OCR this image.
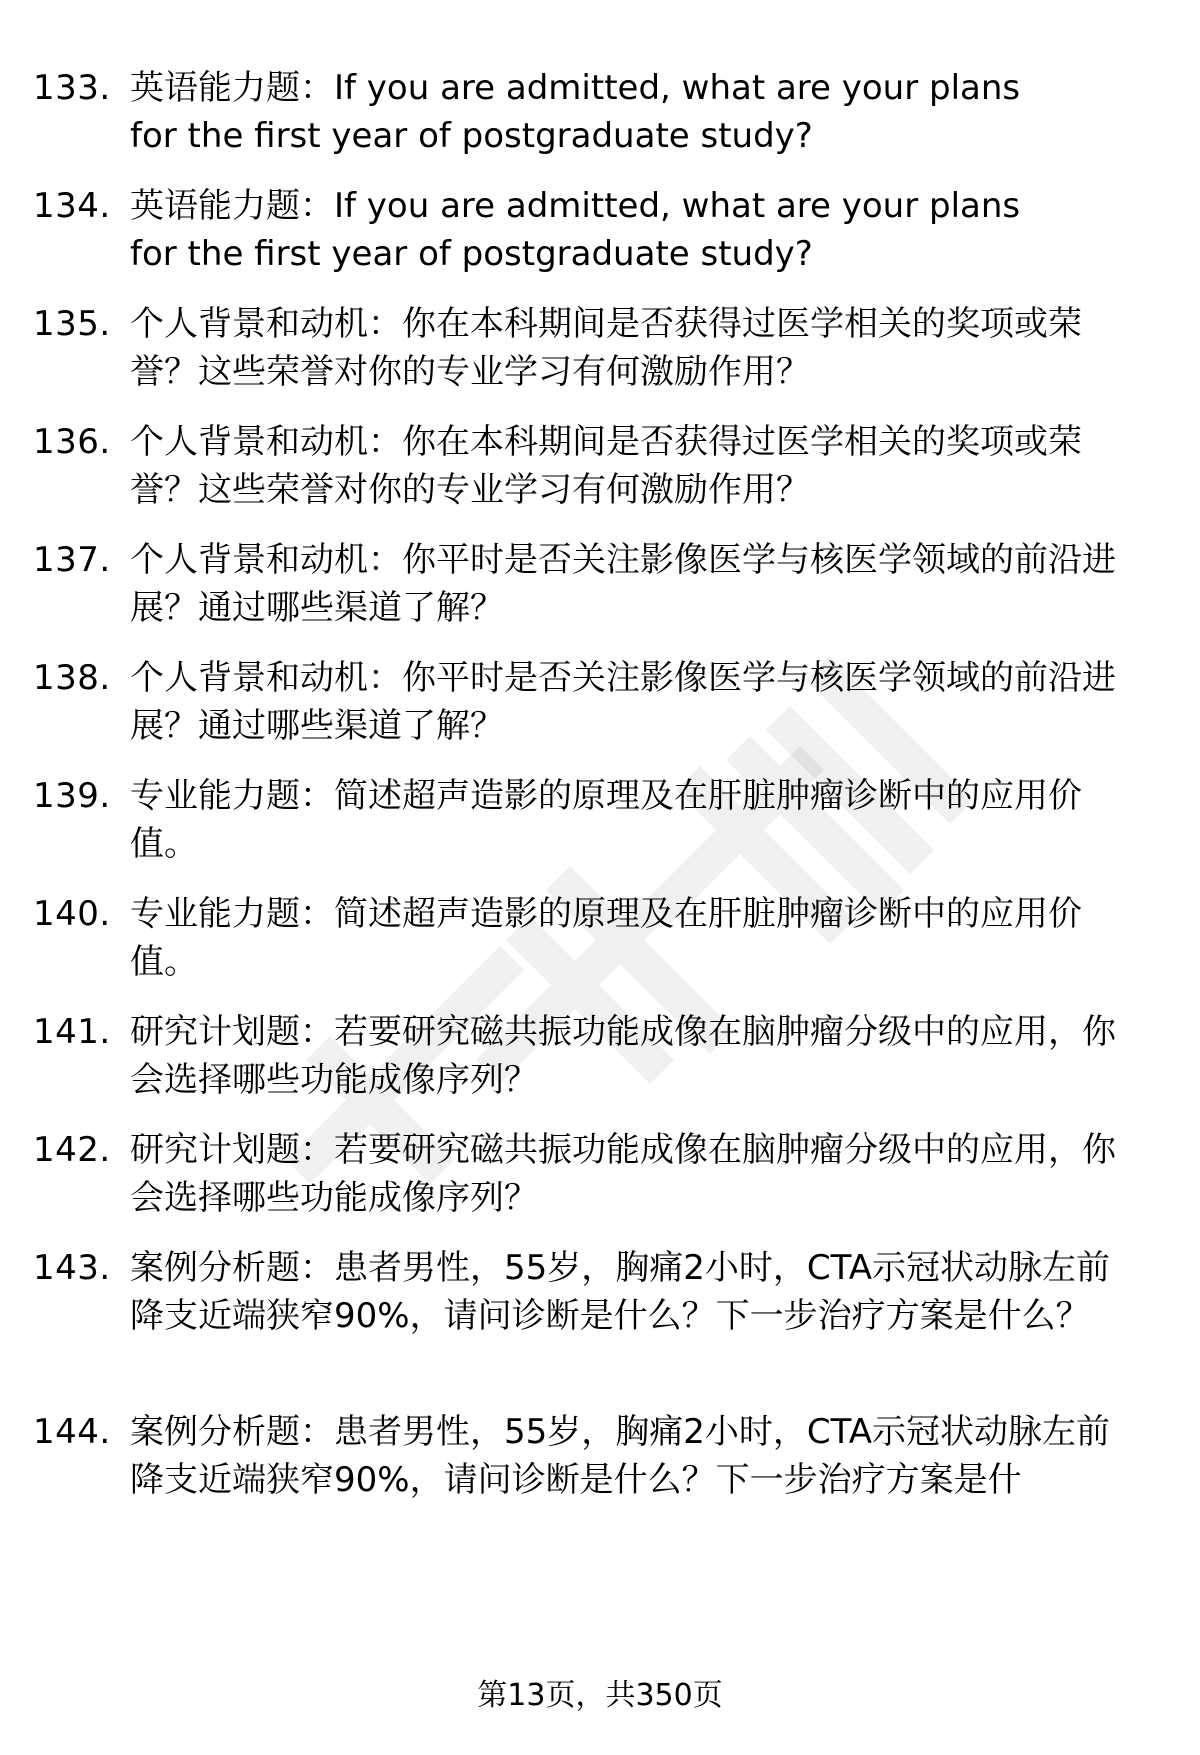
133. 英语能力题：If you are admitted, what are your plans for the first year of postgraduate study?
134. 英语能力题：If you are admitted, what are your plans for the first year of postgraduate study?
135. 个人背景和动机：你在本科期间是否获得过医学相关的奖项或荣誉？这些荣誉对你的专业学习有何激励作用？
136. 个人背景和动机：你在本科期间是否获得过医学相关的奖项或荣誉？这些荣誉对你的专业学习有何激励作用？
137. 个人背景和动机：你平时是否关注影像医学与核医学领域的前沿进展？通过哪些渠道了解？
138. 个人背景和动机：你平时是否关注影像医学与核医学领域的前沿进展？通过哪些渠道了解？
139. 专业能力题：简述超声造影的原理及在肝脏肿瘤诊断中的应用价值。
140. 专业能力题：简述超声造影的原理及在肝脏肿瘤诊断中的应用价值。
141. 研究计划题：若要研究磁共振功能成像在脑肿瘤分级中的应用，你会选择哪些功能成像序列？
142. 研究计划题：若要研究磁共振功能成像在脑肿瘤分级中的应用，你会选择哪些功能成像序列？
143. 案例分析题：患者男性，55岁，胸痛2小时，CTA示冠状动脉左前降支近端狭窄90%，请问诊断是什么？下一步治疗方案是什么？
144. 案例分析题：患者男性，55岁，胸痛2小时，CTA示冠状动脉左前降支近端狭窄90%，请问诊断是什么？下一步治疗方案是什
第13页，共350页
